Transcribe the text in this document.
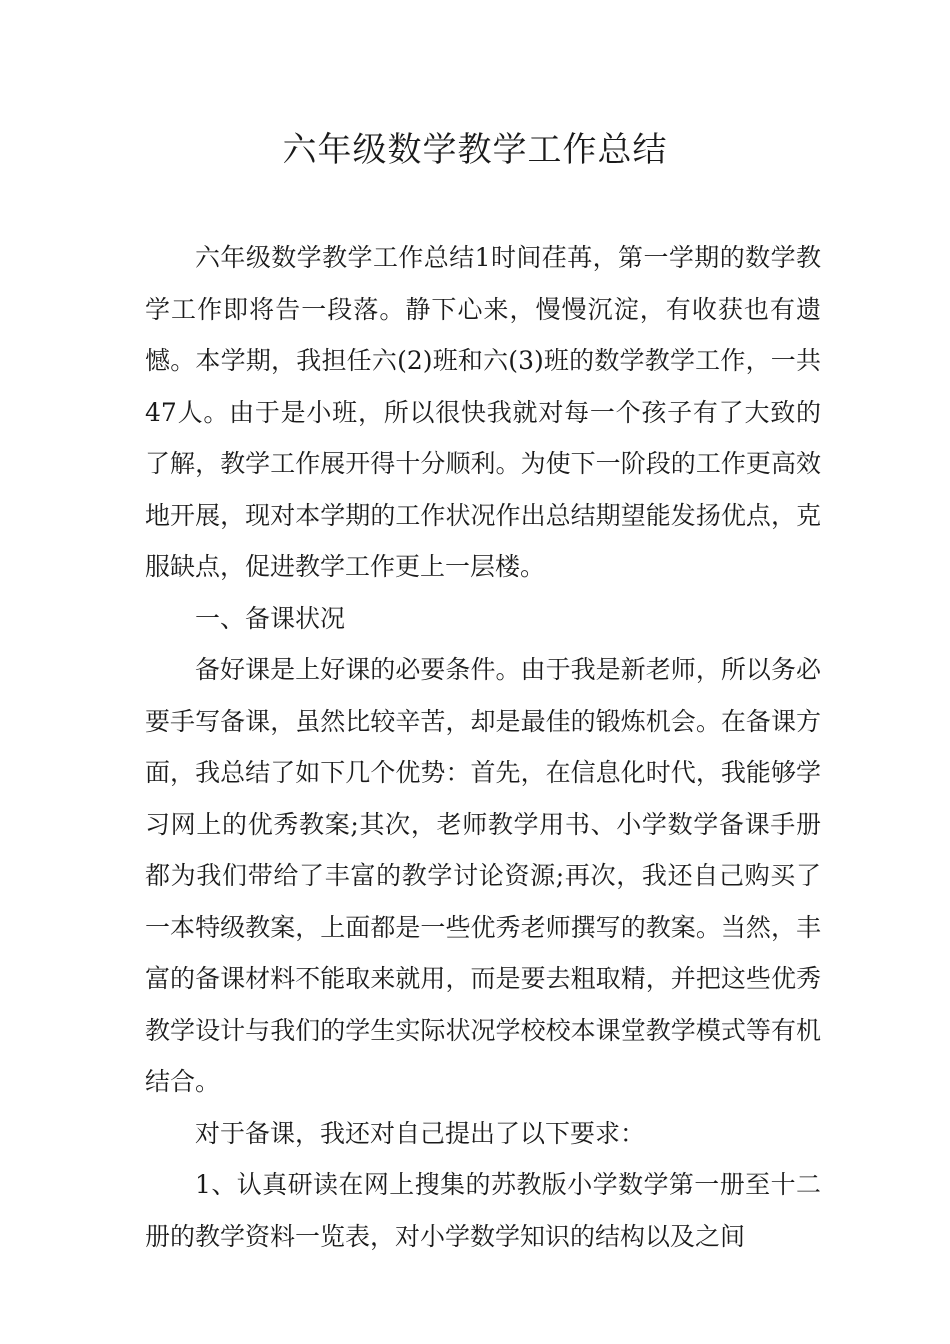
六年级数学教学工作总结

六年级数学教学工作总结1时间荏苒，第一学期的数学教学工作即将告一段落。静下心来，慢慢沉淀，有收获也有遗憾。本学期，我担任六(2)班和六(3)班的数学教学工作，一共47人。由于是小班，所以很快我就对每一个孩子有了大致的了解，教学工作展开得十分顺利。为使下一阶段的工作更高效地开展，现对本学期的工作状况作出总结期望能发扬优点，克服缺点，促进教学工作更上一层楼。

一、备课状况

备好课是上好课的必要条件。由于我是新老师，所以务必要手写备课，虽然比较辛苦，却是最佳的锻炼机会。在备课方面，我总结了如下几个优势：首先，在信息化时代，我能够学习网上的优秀教案;其次，老师教学用书、小学数学备课手册都为我们带给了丰富的教学讨论资源;再次，我还自己购买了一本特级教案，上面都是一些优秀老师撰写的教案。当然，丰富的备课材料不能取来就用，而是要去粗取精，并把这些优秀教学设计与我们的学生实际状况学校校本课堂教学模式等有机结合。

对于备课，我还对自己提出了以下要求：

1、认真研读在网上搜集的苏教版小学数学第一册至十二册的教学资料一览表，对小学数学知识的结构以及之间
